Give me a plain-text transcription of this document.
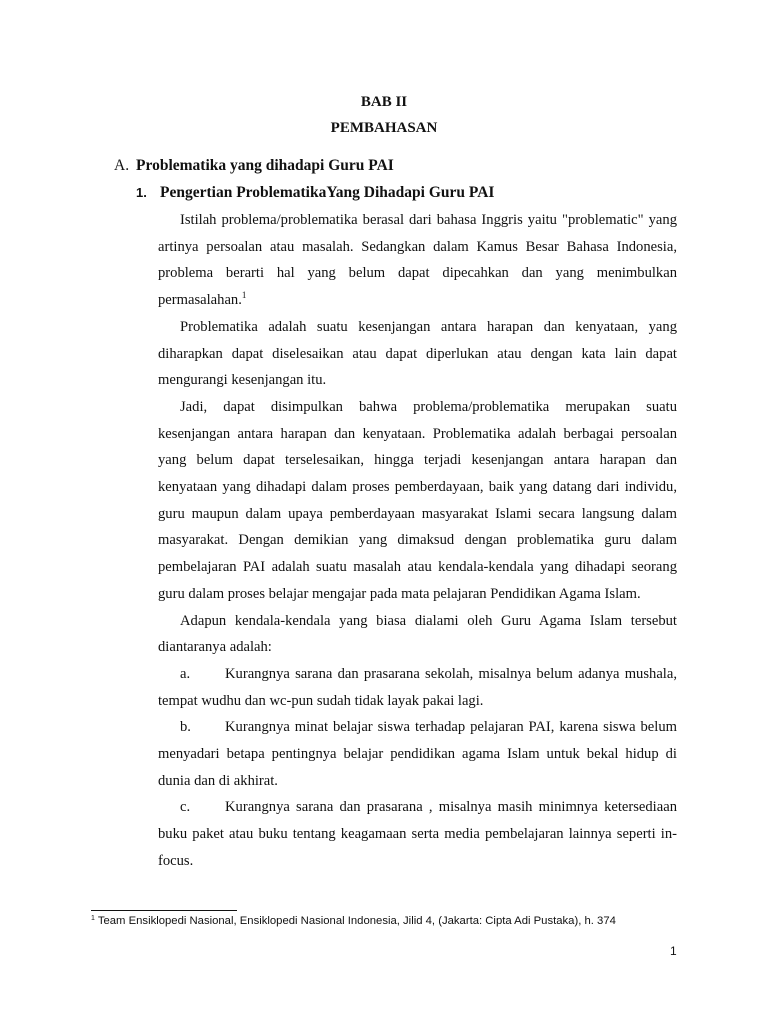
BAB II
PEMBAHASAN
A. Problematika yang dihadapi Guru PAI
1. Pengertian ProblematikaYang Dihadapi Guru PAI

Istilah problema/problematika berasal dari bahasa Inggris yaitu "problematic" yang artinya persoalan atau masalah. Sedangkan dalam Kamus Besar Bahasa Indonesia, problema berarti hal yang belum dapat dipecahkan dan yang menimbulkan permasalahan.$^1$

Problematika adalah suatu kesenjangan antara harapan dan kenyataan, yang diharapkan dapat diselesaikan atau dapat diperlukan atau dengan kata lain dapat mengurangi kesenjangan itu.

Jadi, dapat disimpulkan bahwa problema/problematika merupakan suatu kesenjangan antara harapan dan kenyataan. Problematika adalah berbagai persoalan yang belum dapat terselesaikan, hingga terjadi kesenjangan antara harapan dan kenyataan yang dihadapi dalam proses pemberdayaan, baik yang datang dari individu, guru maupun dalam upaya pemberdayaan masyarakat Islami secara langsung dalam masyarakat. Dengan demikian yang dimaksud dengan problematika guru dalam pembelajaran PAI adalah suatu masalah atau kendala-kendala yang dihadapi seorang guru dalam proses belajar mengajar pada mata pelajaran Pendidikan Agama Islam.

Adapun kendala-kendala yang biasa dialami oleh Guru Agama Islam tersebut diantaranya adalah:

a. Kurangnya sarana dan prasarana sekolah, misalnya belum adanya mushala, tempat wudhu dan wc-pun sudah tidak layak pakai lagi.

b. Kurangnya minat belajar siswa terhadap pelajaran PAI, karena siswa belum menyadari betapa pentingnya belajar pendidikan agama Islam untuk bekal hidup di dunia dan di akhirat.

c. Kurangnya sarana dan prasarana , misalnya masih minimnya ketersediaan buku paket atau buku tentang keagamaan serta media pembelajaran lainnya seperti in-focus.

$^1$ Team Ensiklopedi Nasional, Ensiklopedi Nasional Indonesia, Jilid 4, (Jakarta: Cipta Adi Pustaka), h. 374
1
